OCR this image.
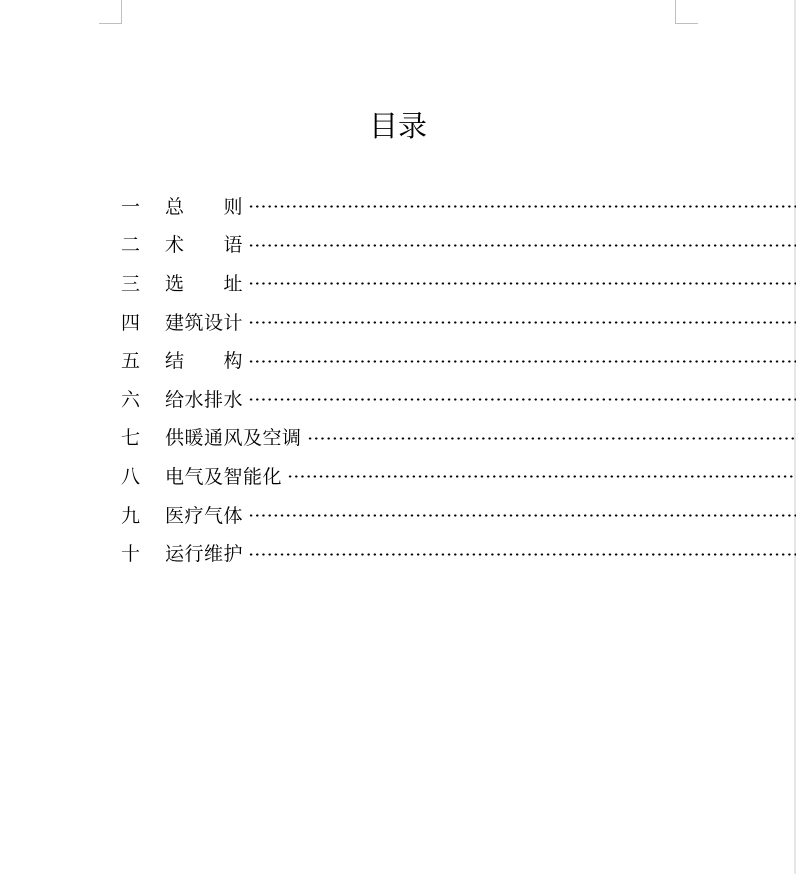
目录
一	总　　则
二	术　　语
三	选　　址
四	建筑设计
五	结　　构
六	给水排水
七	供暖通风及空调
八	电气及智能化
九	医疗气体
十	运行维护
